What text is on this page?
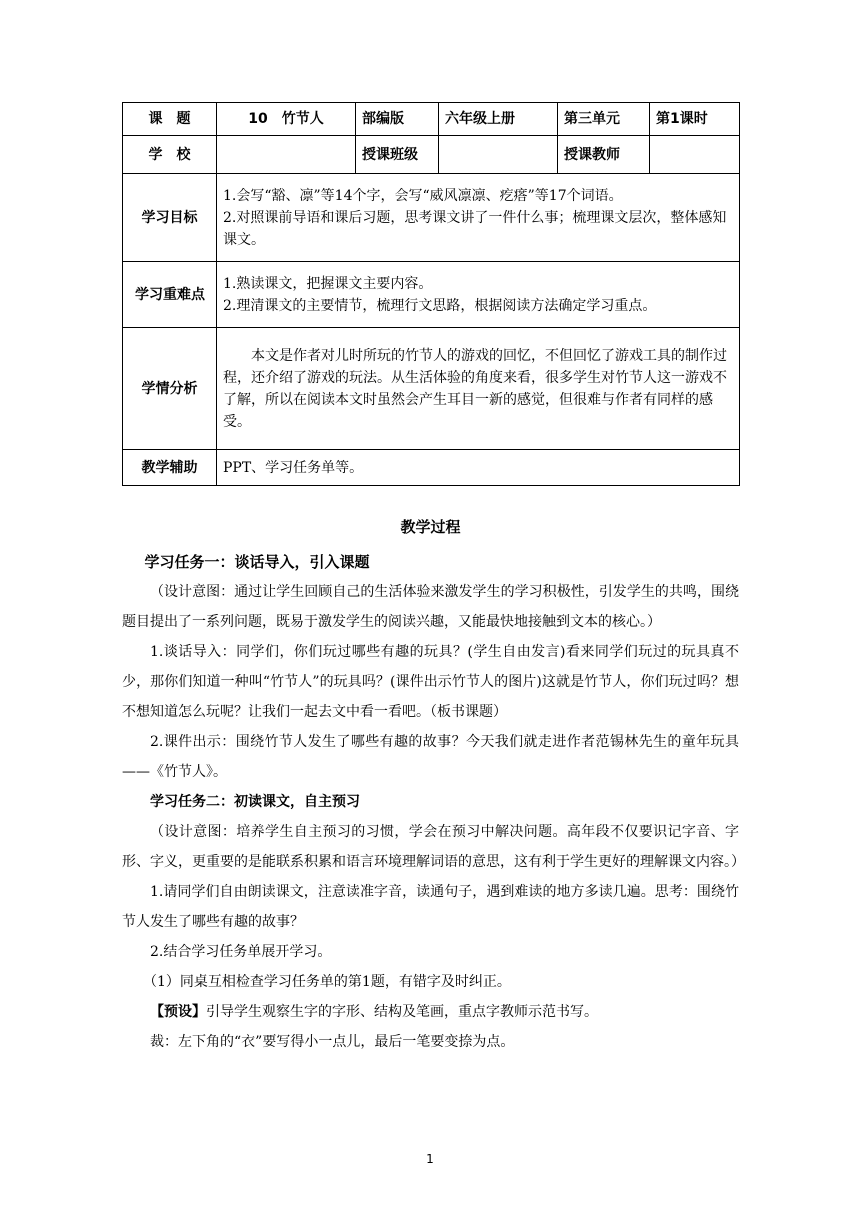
课　题	10　竹节人	部编版	六年级上册	第三单元	第1课时
学　校		授课班级		授课教师	
学习目标	1.会写“豁、凛”等14个字，会写“威风凛凛、疙瘩”等17个词语。

2.对照课前导语和课后习题，思考课文讲了一件什么事；梳理课文层次，整体感知课文。				

学习重难点	1.熟读课文，把握课文主要内容。

2.理清课文的主要情节，梳理行文思路，根据阅读方法确定学习重点。				

学情分析	本文是作者对儿时所玩的竹节人的游戏的回忆，不但回忆了游戏工具的制作过程，还介绍了游戏的玩法。从生活体验的角度来看，很多学生对竹节人这一游戏不了解，所以在阅读本文时虽然会产生耳目一新的感觉，但很难与作者有同样的感受。				

教学辅助	PPT、学习任务单等。				
教学过程

学习任务一：谈话导入，引入课题

（设计意图：通过让学生回顾自己的生活体验来激发学生的学习积极性，引发学生的共鸣，围绕题目提出了一系列问题，既易于激发学生的阅读兴趣，又能最快地接触到文本的核心。）

1.谈话导入：同学们，你们玩过哪些有趣的玩具？(学生自由发言)看来同学们玩过的玩具真不少，那你们知道一种叫“竹节人”的玩具吗？(课件出示竹节人的图片)这就是竹节人，你们玩过吗？想不想知道怎么玩呢？让我们一起去文中看一看吧。（板书课题）

2.课件出示：围绕竹节人发生了哪些有趣的故事？今天我们就走进作者范锡林先生的童年玩具——《竹节人》。

学习任务二：初读课文，自主预习

（设计意图：培养学生自主预习的习惯，学会在预习中解决问题。高年段不仅要识记字音、字形、字义，更重要的是能联系积累和语言环境理解词语的意思，这有利于学生更好的理解课文内容。）

1.请同学们自由朗读课文，注意读准字音，读通句子，遇到难读的地方多读几遍。思考：围绕竹节人发生了哪些有趣的故事？

2.结合学习任务单展开学习。

（1）同桌互相检查学习任务单的第1题，有错字及时纠正。

【预设】引导学生观察生字的字形、结构及笔画，重点字教师示范书写。

裁：左下角的“衣”要写得小一点儿，最后一笔要变捺为点。

1
